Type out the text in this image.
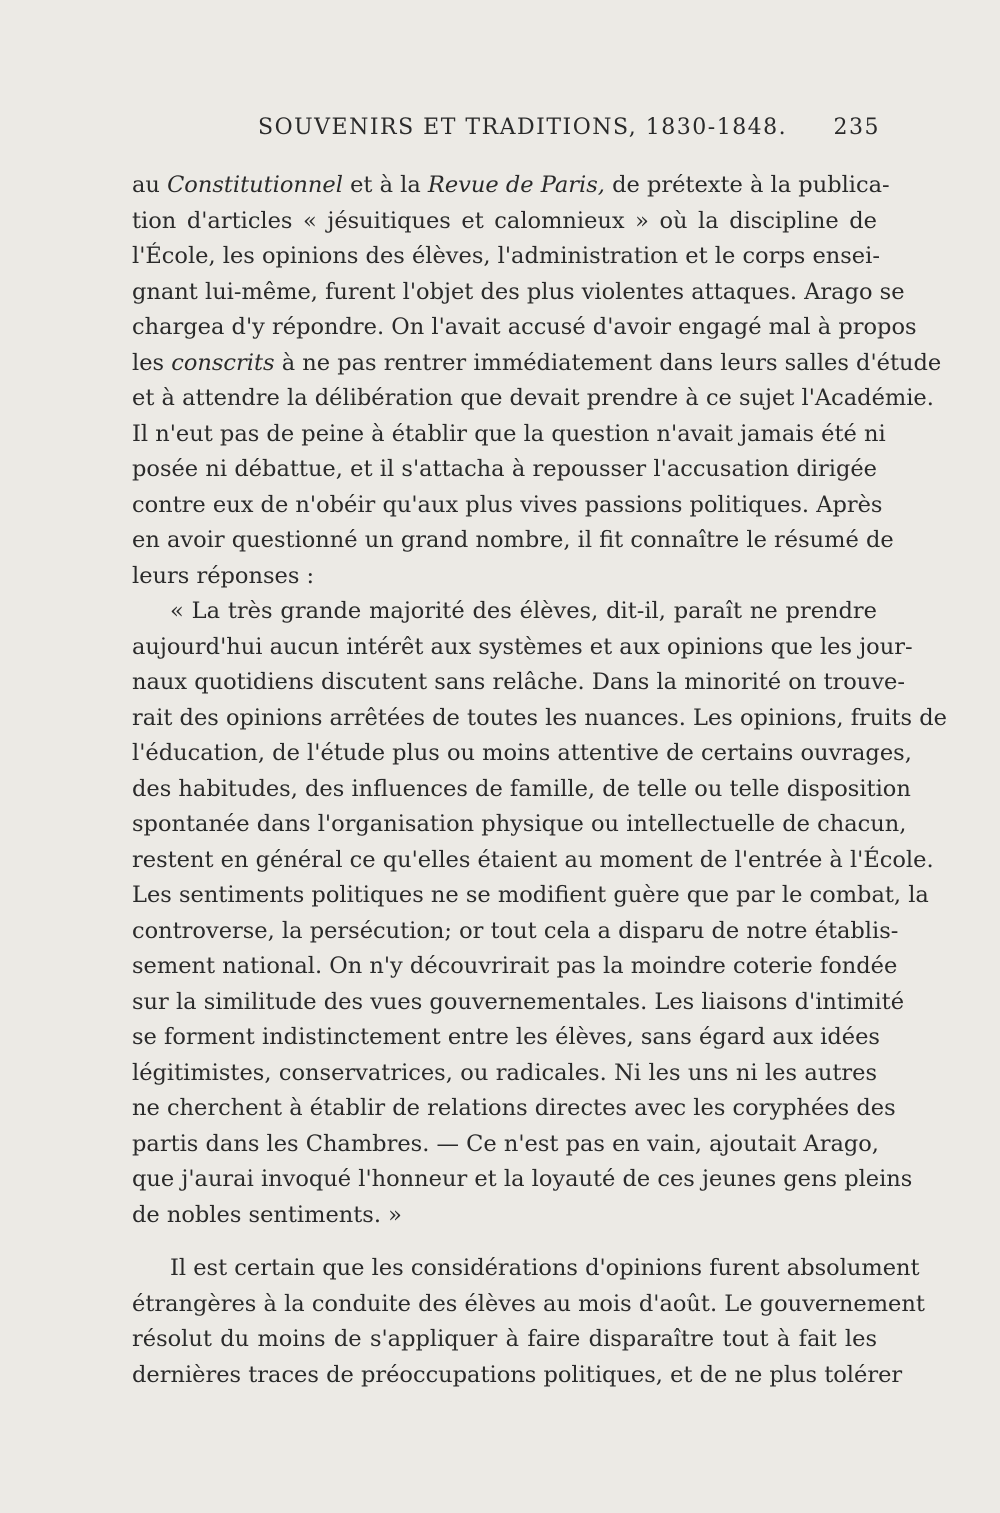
SOUVENIRS ET TRADITIONS, 1830-1848. 235
au Constitutionnel et à la Revue de Paris, de prétexte à la publica-
tion d'articles « jésuitiques et calomnieux » où la discipline de
l'École, les opinions des élèves, l'administration et le corps ensei-
gnant lui-même, furent l'objet des plus violentes attaques. Arago se
chargea d'y répondre. On l'avait accusé d'avoir engagé mal à propos
les conscrits à ne pas rentrer immédiatement dans leurs salles d'étude
et à attendre la délibération que devait prendre à ce sujet l'Académie.
Il n'eut pas de peine à établir que la question n'avait jamais été ni
posée ni débattue, et il s'attacha à repousser l'accusation dirigée
contre eux de n'obéir qu'aux plus vives passions politiques. Après
en avoir questionné un grand nombre, il fit connaître le résumé de
leurs réponses :
« La très grande majorité des élèves, dit-il, paraît ne prendre
aujourd'hui aucun intérêt aux systèmes et aux opinions que les jour-
naux quotidiens discutent sans relâche. Dans la minorité on trouve-
rait des opinions arrêtées de toutes les nuances. Les opinions, fruits de
l'éducation, de l'étude plus ou moins attentive de certains ouvrages,
des habitudes, des influences de famille, de telle ou telle disposition
spontanée dans l'organisation physique ou intellectuelle de chacun,
restent en général ce qu'elles étaient au moment de l'entrée à l'École.
Les sentiments politiques ne se modifient guère que par le combat, la
controverse, la persécution; or tout cela a disparu de notre établis-
sement national. On n'y découvrirait pas la moindre coterie fondée
sur la similitude des vues gouvernementales. Les liaisons d'intimité
se forment indistinctement entre les élèves, sans égard aux idées
légitimistes, conservatrices, ou radicales. Ni les uns ni les autres
ne cherchent à établir de relations directes avec les coryphées des
partis dans les Chambres. — Ce n'est pas en vain, ajoutait Arago,
que j'aurai invoqué l'honneur et la loyauté de ces jeunes gens pleins
de nobles sentiments. »
Il est certain que les considérations d'opinions furent absolument
étrangères à la conduite des élèves au mois d'août. Le gouvernement
résolut du moins de s'appliquer à faire disparaître tout à fait les
dernières traces de préoccupations politiques, et de ne plus tolérer
